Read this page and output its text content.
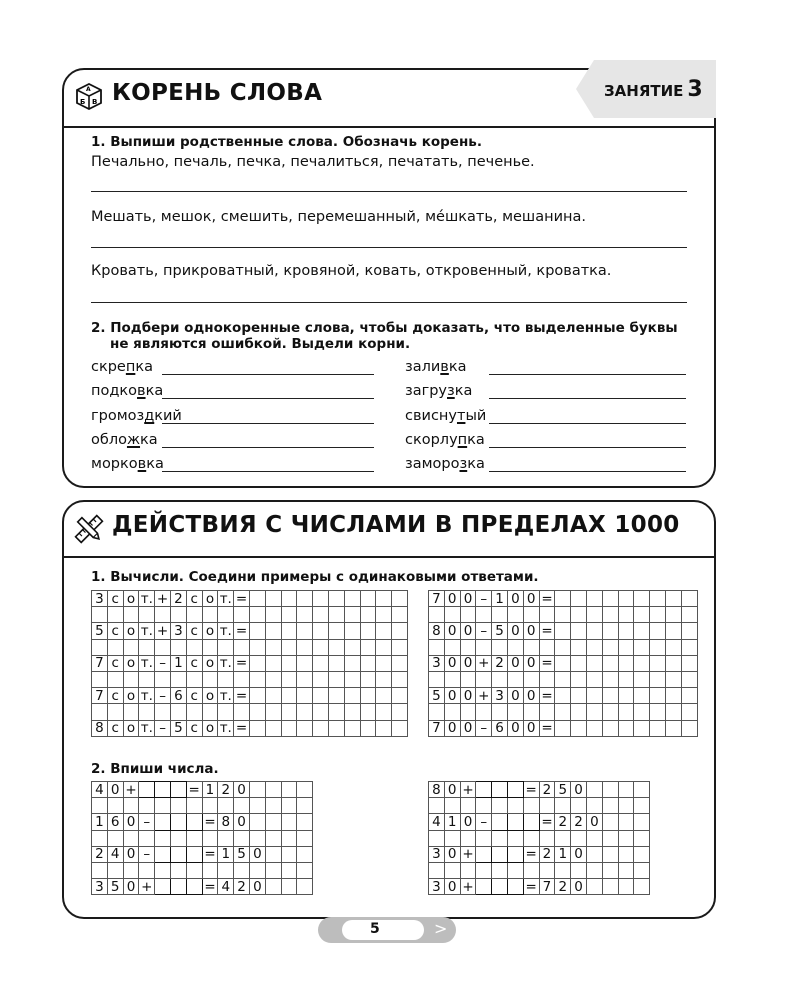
А
Б В КОРЕНЬ СЛОВА	ЗАНЯТИЕ 3
1. Выпиши родственные слова. Обозначь корень.
Печально, печаль, печка, печалиться, печатать, печенье.
Мешать, мешок, смешить, перемешанный, ме́шкать, мешанина.
Кровать, прикроватный, кровяной, ковать, откровенный, кроватка.
2. Подбери однокоренные слова, чтобы доказать, что выделенные буквы
не являются ошибкой. Выдели корни.
скрепка
подковка
громоздкий
обложка
морковка
заливка
загрузка
свиснутый
скорлупка
заморозка
ДЕЙСТВИЯ С ЧИСЛАМИ В ПРЕДЕЛАХ 1000
1. Вычисли. Соедини примеры с одинаковыми ответами.
3	с	о	т.	+	2	с	о	т.	=										

5	с	о	т.	+	3	с	о	т.	=										

7	с	о	т.	–	1	с	о	т.	=										

7	с	о	т.	–	6	с	о	т.	=										

8	с	о	т.	–	5	с	о	т.	=										
7	0	0	–	1	0	0	=									

8	0	0	–	5	0	0	=									

3	0	0	+	2	0	0	=									

5	0	0	+	3	0	0	=									

7	0	0	–	6	0	0	=									
2. Впиши числа.
4	0	+				=	1	2	0				

1	6	0	–				=	8	0				

2	4	0	–				=	1	5	0			

3	5	0	+				=	4	2	0			
8	0	+				=	2	5	0				

4	1	0	–				=	2	2	0			

3	0	+				=	2	1	0				

3	0	+				=	7	2	0				
5	>
